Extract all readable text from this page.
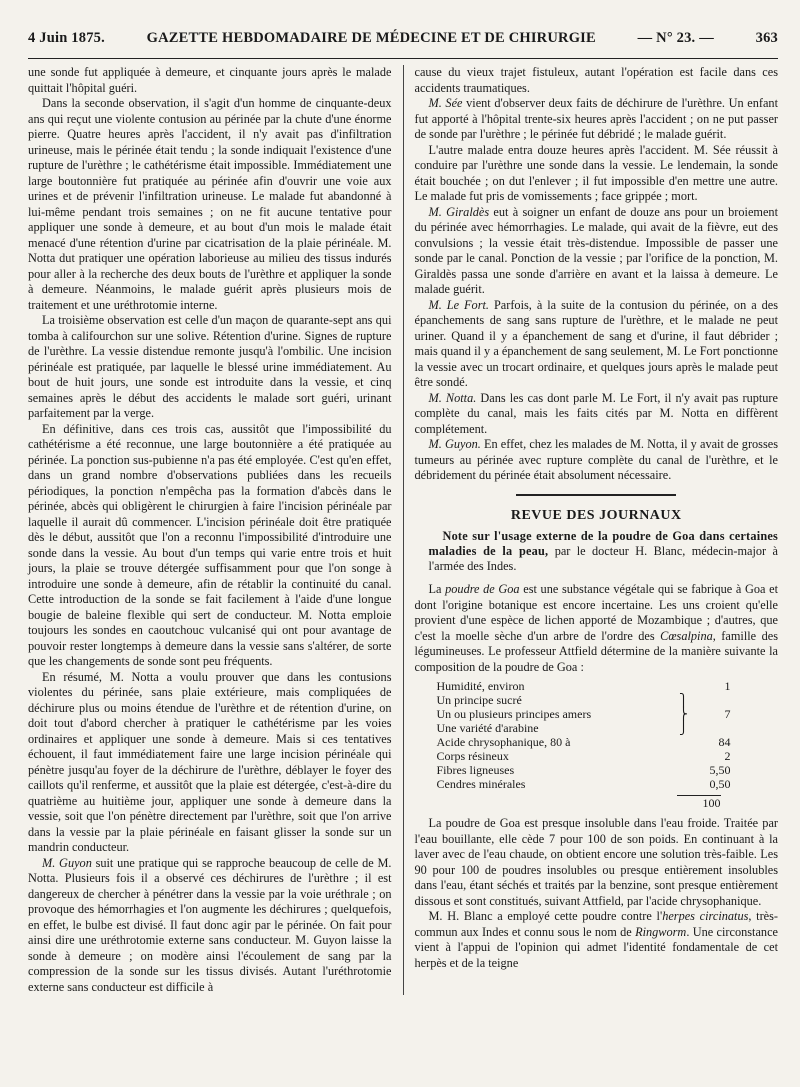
4 Juin 1875.	GAZETTE HEBDOMADAIRE DE MÉDECINE ET DE CHIRURGIE	— N° 23. —	363

une sonde fut appliquée à demeure, et cinquante jours après le malade quittait l'hôpital guéri.

Dans la seconde observation, il s'agit d'un homme de cinquante-deux ans qui reçut une violente contusion au périnée par la chute d'une énorme pierre. Quatre heures après l'accident, il n'y avait pas d'infiltration urineuse, mais le périnée était tendu ; la sonde indiquait l'existence d'une rupture de l'urèthre ; le cathétérisme était impossible. Immédiatement une large boutonnière fut pratiquée au périnée afin d'ouvrir une voie aux urines et de prévenir l'infiltration urineuse. Le malade fut abandonné à lui-même pendant trois semaines ; on ne fit aucune tentative pour appliquer une sonde à demeure, et au bout d'un mois le malade était menacé d'une rétention d'urine par cicatrisation de la plaie périnéale. M. Notta dut pratiquer une opération laborieuse au milieu des tissus indurés pour aller à la recherche des deux bouts de l'urèthre et appliquer la sonde à demeure. Néanmoins, le malade guérit après plusieurs mois de traitement et une uréthrotomie interne.

La troisième observation est celle d'un maçon de quarante-sept ans qui tomba à califourchon sur une solive. Rétention d'urine. Signes de rupture de l'urèthre. La vessie distendue remonte jusqu'à l'ombilic. Une incision périnéale est pratiquée, par laquelle le blessé urine immédiatement. Au bout de huit jours, une sonde est introduite dans la vessie, et cinq semaines après le début des accidents le malade sort guéri, urinant parfaitement par la verge.

En définitive, dans ces trois cas, aussitôt que l'impossibilité du cathétérisme a été reconnue, une large boutonnière a été pratiquée au périnée. La ponction sus-pubienne n'a pas été employée. C'est qu'en effet, dans un grand nombre d'observations publiées dans les recueils périodiques, la ponction n'empêcha pas la formation d'abcès dans le périnée, abcès qui obligèrent le chirurgien à faire l'incision périnéale par laquelle il aurait dû commencer. L'incision périnéale doit être pratiquée dès le début, aussitôt que l'on a reconnu l'impossibilité d'introduire une sonde dans la vessie. Au bout d'un temps qui varie entre trois et huit jours, la plaie se trouve détergée suffisamment pour que l'on songe à introduire une sonde à demeure, afin de rétablir la continuité du canal. Cette introduction de la sonde se fait facilement à l'aide d'une longue bougie de baleine flexible qui sert de conducteur. M. Notta emploie toujours les sondes en caoutchouc vulcanisé qui ont pour avantage de pouvoir rester longtemps à demeure dans la vessie sans s'altérer, de sorte que les changements de sonde sont peu fréquents.

En résumé, M. Notta a voulu prouver que dans les contusions violentes du périnée, sans plaie extérieure, mais compliquées de déchirure plus ou moins étendue de l'urèthre et de rétention d'urine, on doit tout d'abord chercher à pratiquer le cathétérisme par les voies ordinaires et appliquer une sonde à demeure. Mais si ces tentatives échouent, il faut immédiatement faire une large incision périnéale qui pénètre jusqu'au foyer de la déchirure de l'urèthre, déblayer le foyer des caillots qu'il renferme, et aussitôt que la plaie est détergée, c'est-à-dire du quatrième au huitième jour, appliquer une sonde à demeure dans la vessie, soit que l'on pénètre directement par l'urèthre, soit que l'on arrive dans la vessie par la plaie périnéale en faisant glisser la sonde sur un mandrin conducteur.

M. Guyon suit une pratique qui se rapproche beaucoup de celle de M. Notta. Plusieurs fois il a observé ces déchirures de l'urèthre ; il est dangereux de chercher à pénétrer dans la vessie par la voie uréthrale ; on provoque des hémorrhagies et l'on augmente les déchirures ; quelquefois, en effet, le bulbe est divisé. Il faut donc agir par le périnée. On fait pour ainsi dire une uréthrotomie externe sans conducteur. M. Guyon laisse la sonde à demeure ; on modère ainsi l'écoulement de sang par la compression de la sonde sur les tissus divisés. Autant l'uréthrotomie externe sans conducteur est difficile à

cause du vieux trajet fistuleux, autant l'opération est facile dans ces accidents traumatiques.

M. Sée vient d'observer deux faits de déchirure de l'urèthre. Un enfant fut apporté à l'hôpital trente-six heures après l'accident ; on ne put passer de sonde par l'urèthre ; le périnée fut débridé ; le malade guérit.

L'autre malade entra douze heures après l'accident. M. Sée réussit à conduire par l'urèthre une sonde dans la vessie. Le lendemain, la sonde était bouchée ; on dut l'enlever ; il fut impossible d'en mettre une autre. Le malade fut pris de vomissements ; face grippée ; mort.

M. Giraldès eut à soigner un enfant de douze ans pour un broiement du périnée avec hémorrhagies. Le malade, qui avait de la fièvre, eut des convulsions ; la vessie était très-distendue. Impossible de passer une sonde par le canal. Ponction de la vessie ; par l'orifice de la ponction, M. Giraldès passa une sonde d'arrière en avant et la laissa à demeure. Le malade guérit.

M. Le Fort. Parfois, à la suite de la contusion du périnée, on a des épanchements de sang sans rupture de l'urèthre, et le malade ne peut uriner. Quand il y a épanchement de sang et d'urine, il faut débrider ; mais quand il y a épanchement de sang seulement, M. Le Fort ponctionne la vessie avec un trocart ordinaire, et quelques jours après le malade peut être sondé.

M. Notta. Dans les cas dont parle M. Le Fort, il n'y avait pas rupture complète du canal, mais les faits cités par M. Notta en diffèrent complétement.

M. Guyon. En effet, chez les malades de M. Notta, il y avait de grosses tumeurs au périnée avec rupture complète du canal de l'urèthre, et le débridement du périnée était absolument nécessaire.

REVUE DES JOURNAUX

Note sur l'usage externe de la poudre de Goa dans certaines maladies de la peau, par le docteur H. Blanc, médecin-major à l'armée des Indes.

La poudre de Goa est une substance végétale qui se fabrique à Goa et dont l'origine botanique est encore incertaine. Les uns croient qu'elle provient d'une espèce de lichen apporté de Mozambique ; d'autres, que c'est la moelle sèche d'un arbre de l'ordre des Cœsalpina, famille des légumineuses. Le professeur Attfield détermine de la manière suivante la composition de la poudre de Goa :

Humidité, environ		1
Un principe sucré	⎫	
Un ou plusieurs principes amers	⎬	7
Une variété d'arabine	⎭	
Acide chrysophanique, 80 à		84
Corps résineux		2
Fibres ligneuses		5,50
Cendres minérales		0,50
100

La poudre de Goa est presque insoluble dans l'eau froide. Traitée par l'eau bouillante, elle cède 7 pour 100 de son poids. En continuant à la laver avec de l'eau chaude, on obtient encore une solution très-faible. Les 90 pour 100 de poudres insolubles ou presque entièrement insolubles dans l'eau, étant séchés et traités par la benzine, sont presque entièrement dissous et sont constitués, suivant Attfield, par l'acide chrysophanique.

M. H. Blanc a employé cette poudre contre l'herpes circinatus, très-commun aux Indes et connu sous le nom de Ringworm. Une circonstance vient à l'appui de l'opinion qui admet l'identité fondamentale de cet herpès et de la teigne
